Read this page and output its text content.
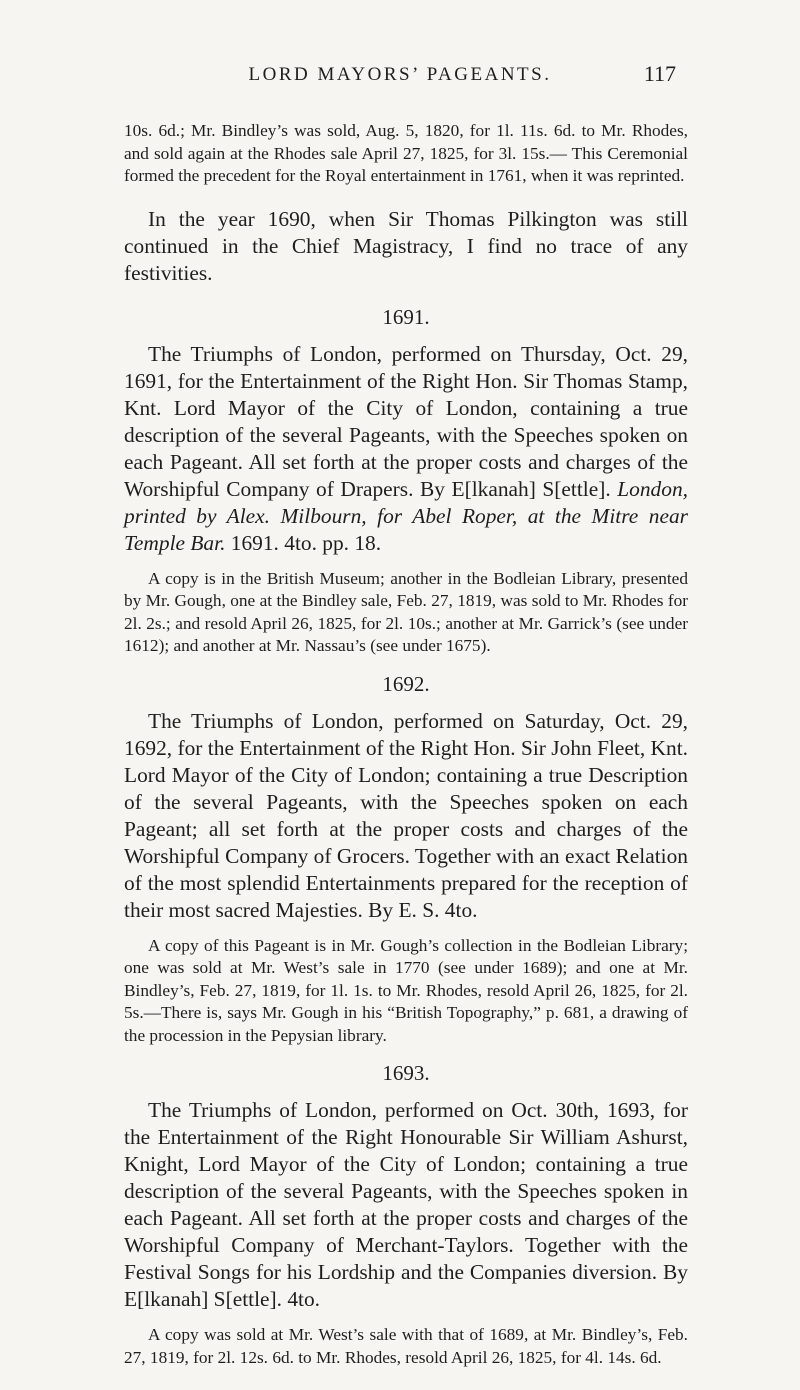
LORD MAYORS’ PAGEANTS.	117

10s. 6d.; Mr. Bindley’s was sold, Aug. 5, 1820, for 1l. 11s. 6d. to Mr. Rhodes, and sold again at the Rhodes sale April 27, 1825, for 3l. 15s.— This Ceremonial formed the precedent for the Royal entertainment in 1761, when it was reprinted.

In the year 1690, when Sir Thomas Pilkington was still continued in the Chief Magistracy, I find no trace of any festivities.

1691.

The Triumphs of London, performed on Thursday, Oct. 29, 1691, for the Entertainment of the Right Hon. Sir Thomas Stamp, Knt. Lord Mayor of the City of London, containing a true description of the several Pageants, with the Speeches spoken on each Pageant. All set forth at the proper costs and charges of the Worshipful Company of Drapers. By E[lkanah] S[ettle]. London, printed by Alex. Milbourn, for Abel Roper, at the Mitre near Temple Bar. 1691. 4to. pp. 18.

A copy is in the British Museum; another in the Bodleian Library, presented by Mr. Gough, one at the Bindley sale, Feb. 27, 1819, was sold to Mr. Rhodes for 2l. 2s.; and resold April 26, 1825, for 2l. 10s.; another at Mr. Garrick’s (see under 1612); and another at Mr. Nassau’s (see under 1675).

1692.

The Triumphs of London, performed on Saturday, Oct. 29, 1692, for the Entertainment of the Right Hon. Sir John Fleet, Knt. Lord Mayor of the City of London; containing a true Description of the several Pageants, with the Speeches spoken on each Pageant; all set forth at the proper costs and charges of the Worshipful Company of Grocers. Together with an exact Relation of the most splendid Entertainments prepared for the reception of their most sacred Majesties. By E. S. 4to.

A copy of this Pageant is in Mr. Gough’s collection in the Bodleian Library; one was sold at Mr. West’s sale in 1770 (see under 1689); and one at Mr. Bindley’s, Feb. 27, 1819, for 1l. 1s. to Mr. Rhodes, resold April 26, 1825, for 2l. 5s.—There is, says Mr. Gough in his “British Topography,” p. 681, a drawing of the procession in the Pepysian library.

1693.

The Triumphs of London, performed on Oct. 30th, 1693, for the Entertainment of the Right Honourable Sir William Ashurst, Knight, Lord Mayor of the City of London; containing a true description of the several Pageants, with the Speeches spoken in each Pageant. All set forth at the proper costs and charges of the Worshipful Company of Merchant-Taylors. Together with the Festival Songs for his Lordship and the Companies diversion. By E[lkanah] S[ettle]. 4to.

A copy was sold at Mr. West’s sale with that of 1689, at Mr. Bindley’s, Feb. 27, 1819, for 2l. 12s. 6d. to Mr. Rhodes, resold April 26, 1825, for 4l. 14s. 6d.
